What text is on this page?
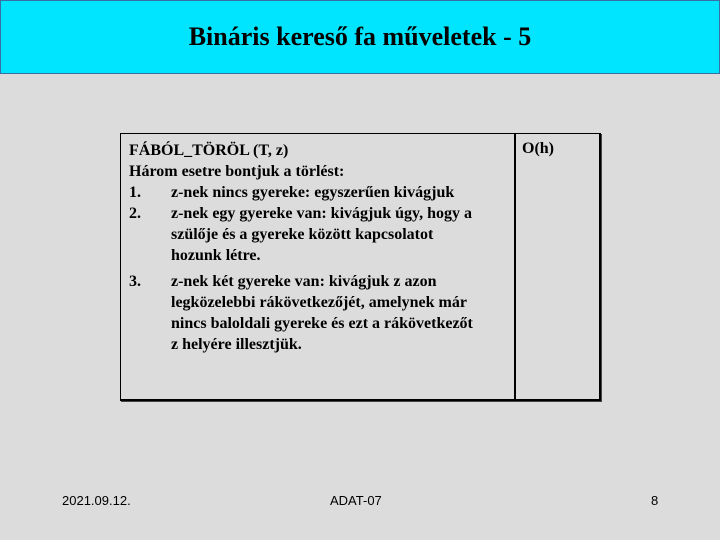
Bináris kereső fa műveletek - 5
FÁBÓL_TÖRÖL (T, z)
Három esetre bontjuk a törlést:
1.	z-nek nincs gyereke: egyszerűen kivágjuk
2.	z-nek egy gyereke van: kivágjuk úgy, hogy a
szülője és a gyereke között kapcsolatot
hozunk létre.
3.	z-nek két gyereke van: kivágjuk z azon
legközelebbi rákövetkezőjét, amelynek már
nincs baloldali gyereke és ezt a rákövetkezőt
z helyére illesztjük.
O(h)
2021.09.12.	ADAT-07	8
